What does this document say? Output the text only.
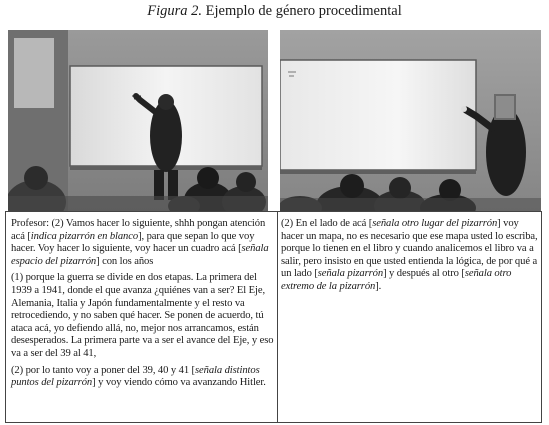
Figura 2. Ejemplo de género procedimental

Profesor: (2) Vamos hacer lo siguiente, shhh pongan atención acá [indica pizarrón en blanco], para que sepan lo que voy hacer. Voy hacer lo siguiente, voy hacer un cuadro acá [señala espacio del pizarrón] con los años

(1) porque la guerra se divide en dos etapas. La primera del 1939 a 1941, donde el que avanza ¿quiénes van a ser? El Eje, Alemania, Italia y Japón fundamentalmente y el resto va retrocediendo, y no saben qué hacer. Se ponen de acuerdo, tú ataca acá, yo defiendo allá, no, mejor nos arrancamos, están desesperados. La primera parte va a ser el avance del Eje, y eso va a ser del 39 al 41,

(2) por lo tanto voy a poner del 39, 40 y 41 [señala distintos puntos del pizarrón] y voy viendo cómo va avanzando Hitler.

(2) En el lado de acá [señala otro lugar del pizarrón] voy hacer un mapa, no es necesario que ese mapa usted lo escriba, porque lo tienen en el libro y cuando analicemos el libro va a salir, pero insisto en que usted entienda la lógica, de por qué a un lado [señala pizarrón] y después al otro [señala otro extremo de la pizarrón].
